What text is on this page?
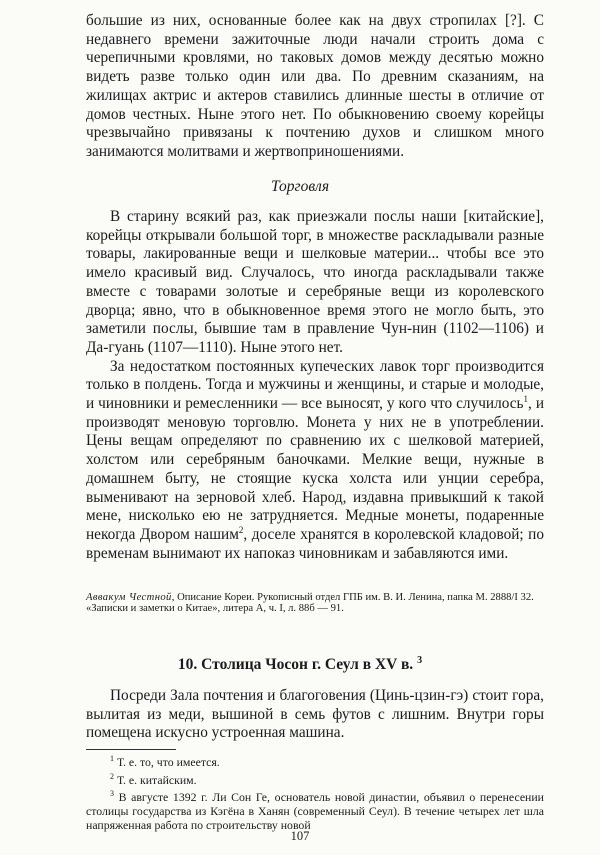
большие из них, основанные более как на двух стропилах [?]. С недавнего времени зажиточные люди начали строить дома с черепичными кровлями, но таковых домов между десятью можно видеть разве только один или два. По древним сказаниям, на жилищах актрис и актеров ставились длинные шесты в отличие от домов честных. Ныне этого нет. По обыкновению своему корейцы чрезвычайно привязаны к почтению духов и слишком много занимаются молитвами и жертвоприношениями.

Торговля

В старину всякий раз, как приезжали послы наши [китайские], корейцы открывали большой торг, в множестве раскладывали разные товары, лакированные вещи и шелковые материи... чтобы все это имело красивый вид. Случалось, что иногда раскладывали также вместе с товарами золотые и серебряные вещи из королевского дворца; явно, что в обыкновенное время этого не могло быть, это заметили послы, бывшие там в правление Чун-нин (1102—1106) и Да-гуань (1107—1110). Ныне этого нет.

За недостатком постоянных купеческих лавок торг производится только в полдень. Тогда и мужчины и женщины, и старые и молодые, и чиновники и ремесленники — все выносят, у кого что случилось$^1$, и производят меновую торговлю. Монета у них не в употреблении. Цены вещам определяют по сравнению их с шелковой материей, холстом или серебряным баночками. Мелкие вещи, нужные в домашнем быту, не стоящие куска холста или унции серебра, выменивают на зерновой хлеб. Народ, издавна привыкший к такой мене, нисколько ею не затрудняется. Медные монеты, подаренные некогда Двором нашим$^2$, доселе хранятся в королевской кладовой; по временам вынимают их напоказ чиновникам и забавляются ими.

Аввакум Честной, Описание Кореи. Рукописный отдел ГПБ им. В. И. Ленина, папка М. 2888/I 32. «Записки и заметки о Китае», литера А, ч. I, л. 88б — 91.

10. Столица Чосон г. Сеул в XV в. $^3$

Посреди Зала почтения и благоговения (Цинь-цзин-гэ) стоит гора, вылитая из меди, вышиной в семь футов с лишним. Внутри горы помещена искусно устроенная машина.

$^1$ Т. е. то, что имеется.

$^2$ Т. е. китайским.

$^3$ В августе 1392 г. Ли Сон Ге, основатель новой династии, объявил о перенесении столицы государства из Кэгёна в Ханян (современный Сеул). В течение четырех лет шла напряженная работа по строительству новой

107
